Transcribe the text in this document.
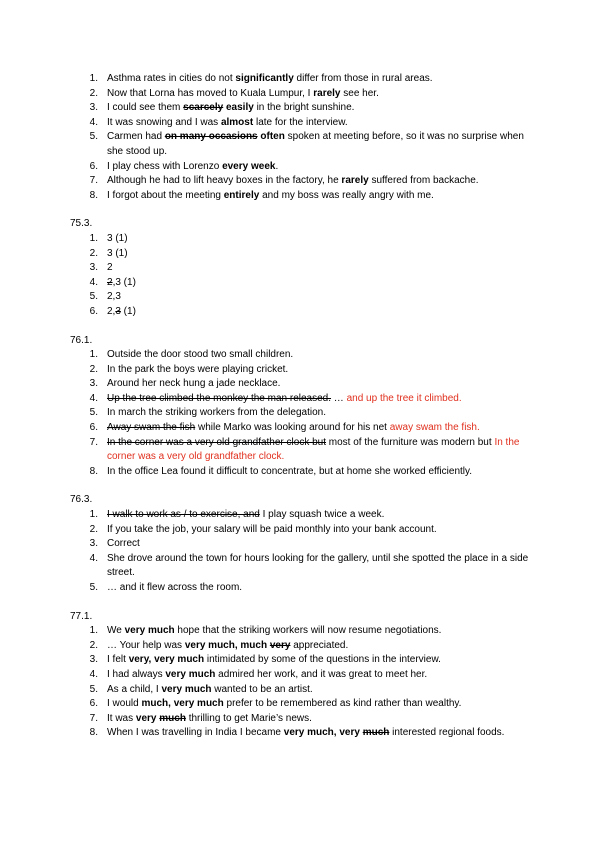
1. Asthma rates in cities do not significantly differ from those in rural areas.
2. Now that Lorna has moved to Kuala Lumpur, I rarely see her.
3. I could see them scarcely easily in the bright sunshine.
4. It was snowing and I was almost late for the interview.
5. Carmen had on many occasions often spoken at meeting before, so it was no surprise when she stood up.
6. I play chess with Lorenzo every week.
7. Although he had to lift heavy boxes in the factory, he rarely suffered from backache.
8. I forgot about the meeting entirely and my boss was really angry with me.
75.3.
1. 3 (1)
2. 3 (1)
3. 2
4. 2,3 (1)
5. 2,3
6. 2,3 (1)
76.1.
1. Outside the door stood two small children.
2. In the park the boys were playing cricket.
3. Around her neck hung a jade necklace.
4. Up the tree climbed the monkey the man released. … and up the tree it climbed.
5. In march the striking workers from the delegation.
6. Away swam the fish while Marko was looking around for his net away swam the fish.
7. In the corner was a very old grandfather clock but most of the furniture was modern but In the corner was a very old grandfather clock.
8. In the office Lea found it difficult to concentrate, but at home she worked efficiently.
76.3.
1. I walk to work as / to exercise, and I play squash twice a week.
2. If you take the job, your salary will be paid monthly into your bank account.
3. Correct
4. She drove around the town for hours looking for the gallery, until she spotted the place in a side street.
5. … and it flew across the room.
77.1.
1. We very much hope that the striking workers will now resume negotiations.
2. … Your help was very much, much very appreciated.
3. I felt very, very much intimidated by some of the questions in the interview.
4. I had always very much admired her work, and it was great to meet her.
5. As a child, I very much wanted to be an artist.
6. I would much, very much prefer to be remembered as kind rather than wealthy.
7. It was very much thrilling to get Marie’s news.
8. When I was travelling in India I became very much, very much interested regional foods.
